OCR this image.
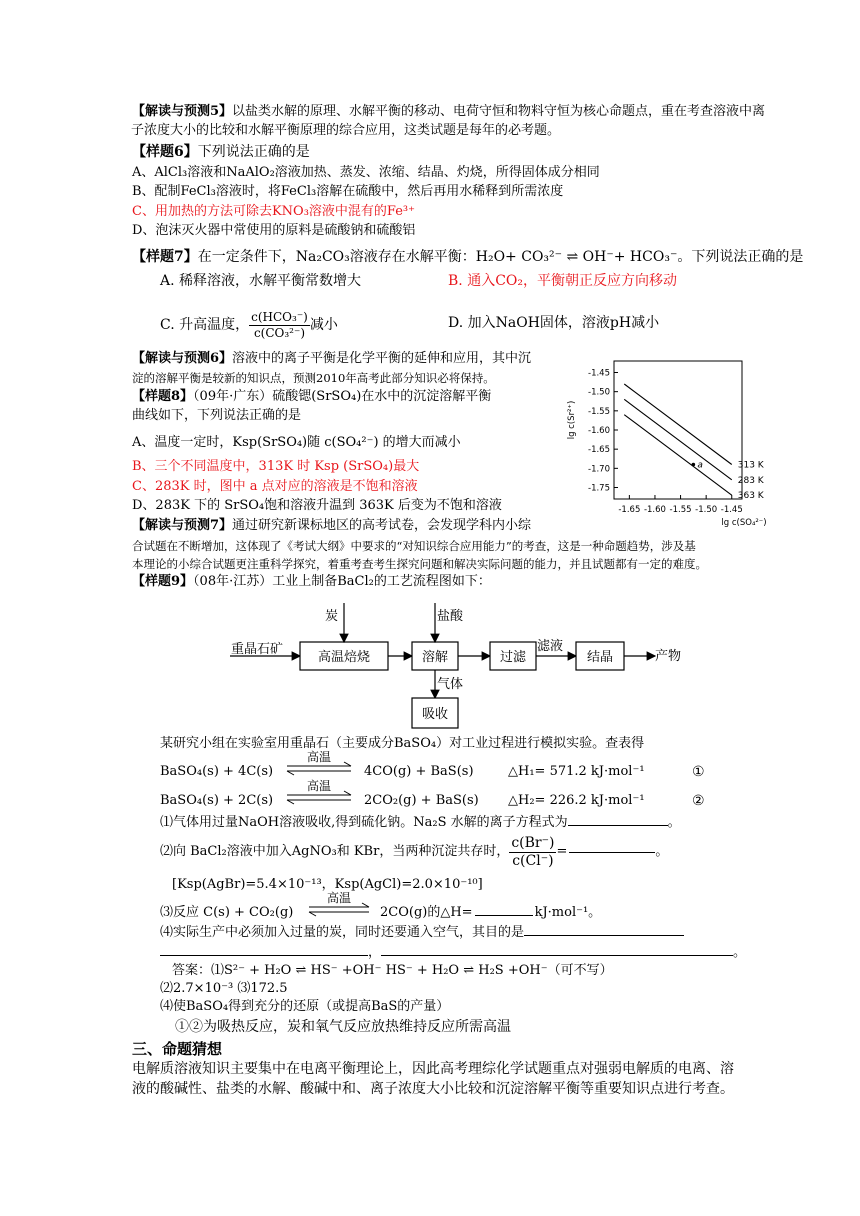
【解读与预测5】以盐类水解的原理、水解平衡的移动、电荷守恒和物料守恒为核心命题点，重在考查溶液中离
子浓度大小的比较和水解平衡原理的综合应用，这类试题是每年的必考题。
【样题6】下列说法正确的是
A、AlCl₃溶液和NaAlO₂溶液加热、蒸发、浓缩、结晶、灼烧，所得固体成分相同
B、配制FeCl₃溶液时，将FeCl₃溶解在硫酸中，然后再用水稀释到所需浓度
C、用加热的方法可除去KNO₃溶液中混有的Fe³⁺
D、泡沫灭火器中常使用的原料是硫酸钠和硫酸铝
【样题7】在一定条件下，Na₂CO₃溶液存在水解平衡：H₂O+ CO₃²⁻ ⇌ OH⁻+ HCO₃⁻。下列说法正确的是
A. 稀释溶液，水解平衡常数增大	B. 通入CO₂，平衡朝正反应方向移动
C. 升高温度， $\frac{\text{c(HCO₃⁻)}}{\text{c(CO₃²⁻)}}$ 减小	D. 加入NaOH固体，溶液pH减小
【解读与预测6】溶液中的离子平衡是化学平衡的延伸和应用，其中沉
淀的溶解平衡是较新的知识点，预测2010年高考此部分知识必将保持。
【样题8】（09年·广东）硫酸锶(SrSO₄)在水中的沉淀溶解平衡
曲线如下，下列说法正确的是
A、温度一定时，Ksp(SrSO₄)随 c(SO₄²⁻) 的增大而减小
B、三个不同温度中，313K 时 Ksp (SrSO₄)最大
C、283K 时，图中 a 点对应的溶液是不饱和溶液
D、283K 下的 SrSO₄饱和溶液升温到 363K 后变为不饱和溶液
-1.45
-1.50
-1.55
-1.60
-1.65
-1.70
-1.75
-1.65 -1.60 -1.55 -1.50 -1.45
313 K
283 K
363 K
a
lg c(Sr²⁺)
lg c(SO₄²⁻)
【解读与预测7】通过研究新课标地区的高考试卷，会发现学科内小综
合试题在不断增加，这体现了《考试大纲》中要求的“对知识综合应用能力”的考查，这是一种命题趋势，涉及基
本理论的小综合试题更注重科学探究，着重考查考生探究问题和解决实际问题的能力，并且试题都有一定的难度。
【样题9】（08年·江苏）工业上制备BaCl₂的工艺流程图如下：
重晶石矿
炭	盐酸
滤液
产物
气体
高温焙烧	溶解	过滤	结晶
吸收
某研究小组在实验室用重晶石（主要成分BaSO₄）对工业过程进行模拟实验。查表得
BaSO₄(s) + 4C(s)
高温
4CO(g) + BaS(s)	△H₁= 571.2 kJ·mol⁻¹	①
BaSO₄(s) + 2C(s)
高温
2CO₂(g) + BaS(s) △H₂= 226.2 kJ·mol⁻¹	②
⑴气体用过量NaOH溶液吸收,得到硫化钠。Na₂S 水解的离子方程式为	。
⑵向 BaCl₂溶液中加入AgNO₃和 KBr，当两种沉淀共存时， $\frac{c(Br^-)}{c(Cl^-)}$ =	。
[Ksp(AgBr)=5.4×10⁻¹³，Ksp(AgCl)=2.0×10⁻¹⁰]
⑶反应 C(s) + CO₂(g)
高温
2CO(g)的△H=	kJ·mol⁻¹。
⑷实际生产中必须加入过量的炭，同时还要通入空气，其目的是
，	。
答案：⑴S²⁻ + H₂O ⇌ HS⁻ +OH⁻ HS⁻ + H₂O ⇌ H₂S +OH⁻（可不写）
⑵2.7×10⁻³ ⑶172.5
⑷使BaSO₄得到充分的还原（或提高BaS的产量）
①②为吸热反应，炭和氧气反应放热维持反应所需高温
三、命题猜想
电解质溶液知识主要集中在电离平衡理论上，因此高考理综化学试题重点对强弱电解质的电离、溶
液的酸碱性、盐类的水解、酸碱中和、离子浓度大小比较和沉淀溶解平衡等重要知识点进行考查。
